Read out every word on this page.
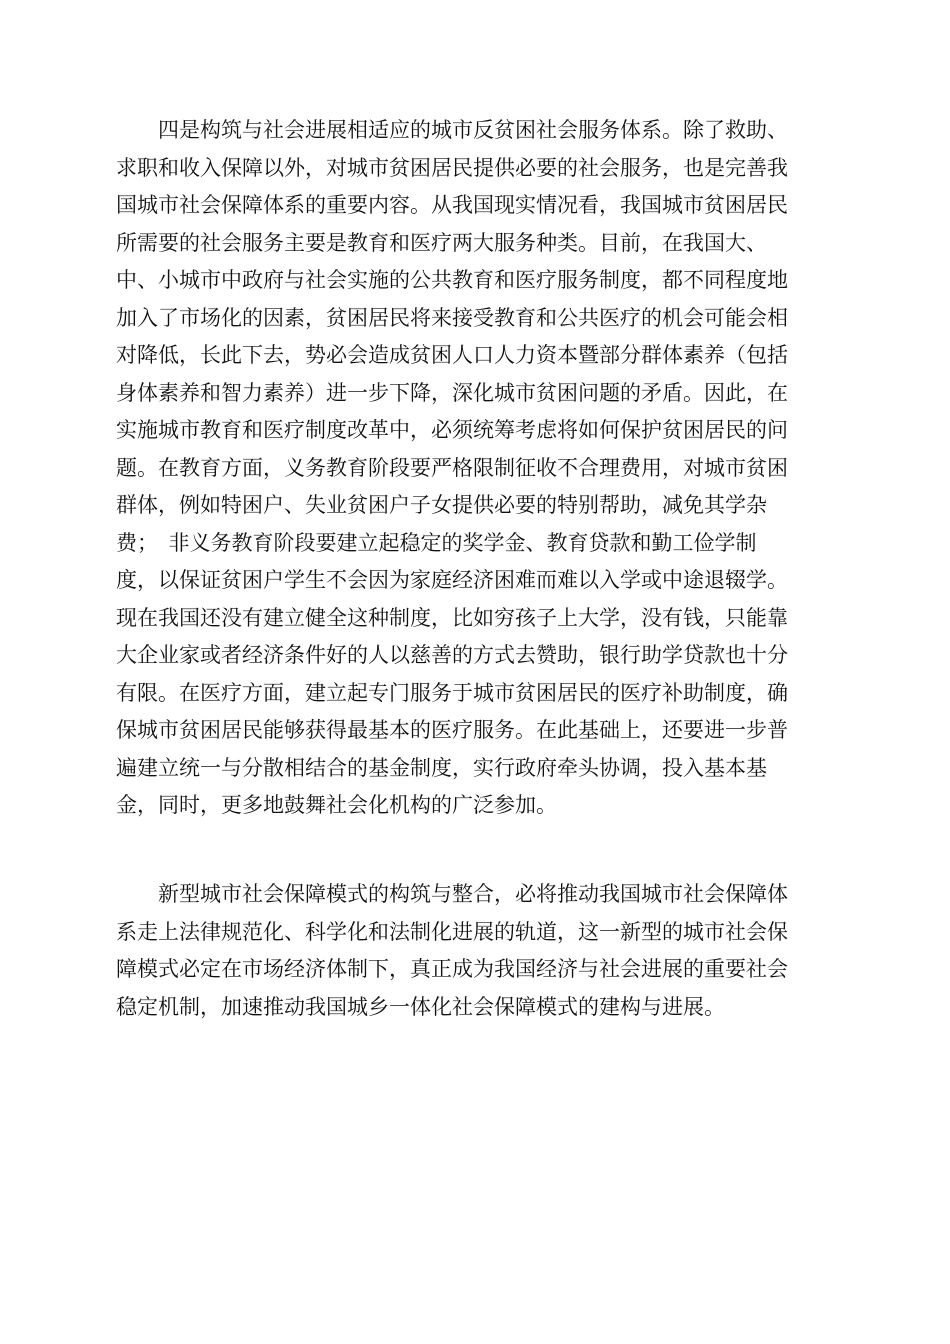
　　四是构筑与社会进展相适应的城市反贫困社会服务体系。除了救助、
求职和收入保障以外，对城市贫困居民提供必要的社会服务，也是完善我
国城市社会保障体系的重要内容。从我国现实情况看，我国城市贫困居民
所需要的社会服务主要是教育和医疗两大服务种类。目前，在我国大、
中、小城市中政府与社会实施的公共教育和医疗服务制度，都不同程度地
加入了市场化的因素，贫困居民将来接受教育和公共医疗的机会可能会相
对降低，长此下去，势必会造成贫困人口人力资本暨部分群体素养（包括
身体素养和智力素养）进一步下降，深化城市贫困问题的矛盾。因此，在
实施城市教育和医疗制度改革中，必须统筹考虑将如何保护贫困居民的问
题。在教育方面，义务教育阶段要严格限制征收不合理费用，对城市贫困
群体，例如特困户、失业贫困户子女提供必要的特别帮助，减免其学杂
费；　非义务教育阶段要建立起稳定的奖学金、教育贷款和勤工俭学制
度，以保证贫困户学生不会因为家庭经济困难而难以入学或中途退辍学。
现在我国还没有建立健全这种制度，比如穷孩子上大学，没有钱，只能靠
大企业家或者经济条件好的人以慈善的方式去赞助，银行助学贷款也十分
有限。在医疗方面，建立起专门服务于城市贫困居民的医疗补助制度，确
保城市贫困居民能够获得最基本的医疗服务。在此基础上，还要进一步普
遍建立统一与分散相结合的基金制度，实行政府牵头协调，投入基本基
金，同时，更多地鼓舞社会化机构的广泛参加。
　　新型城市社会保障模式的构筑与整合，必将推动我国城市社会保障体
系走上法律规范化、科学化和法制化进展的轨道，这一新型的城市社会保
障模式必定在市场经济体制下，真正成为我国经济与社会进展的重要社会
稳定机制，加速推动我国城乡一体化社会保障模式的建构与进展。
